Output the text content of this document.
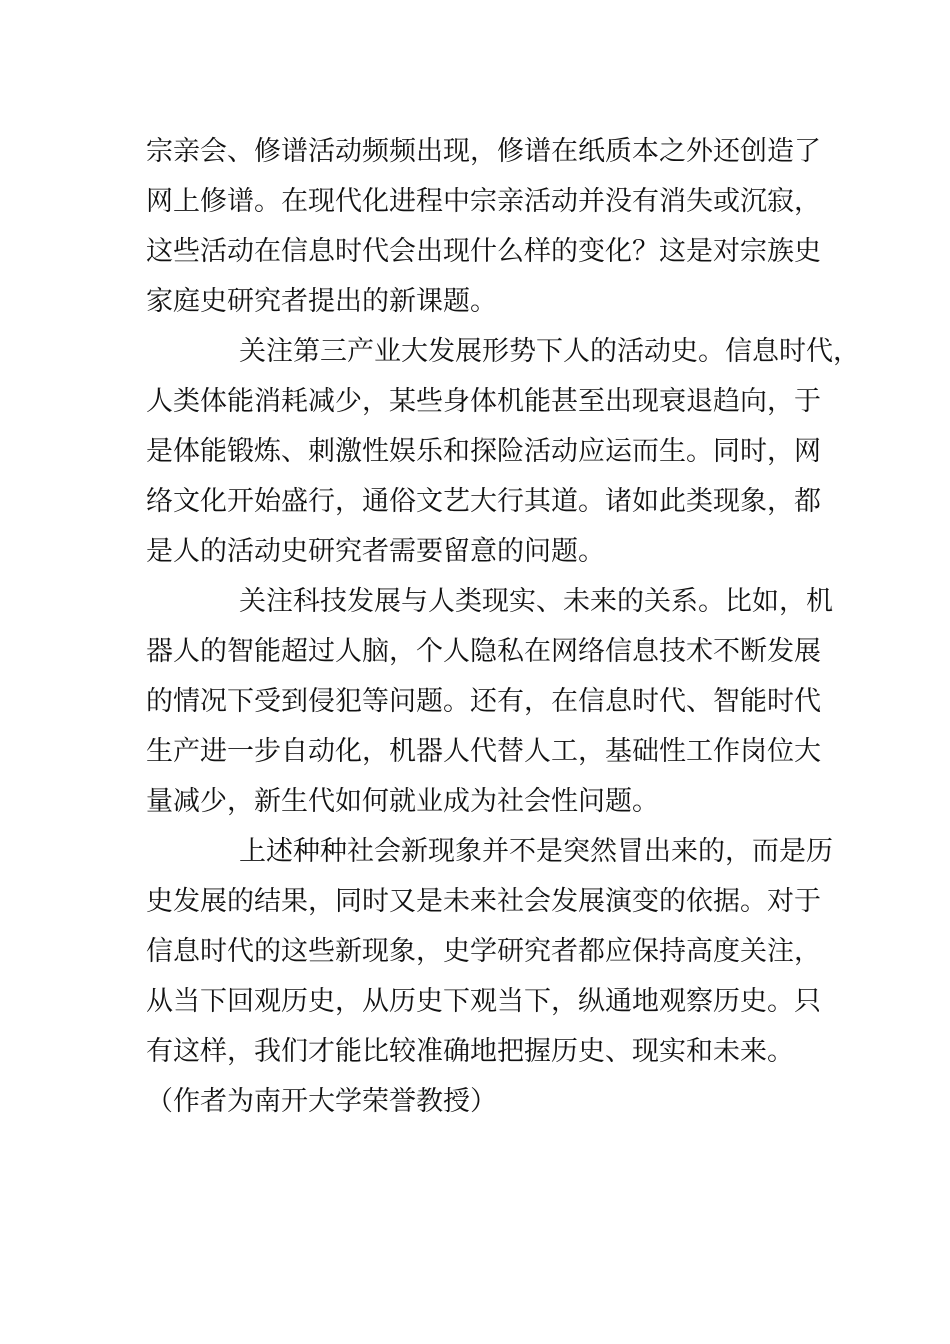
宗亲会、修谱活动频频出现，修谱在纸质本之外还创造了
网上修谱。在现代化进程中宗亲活动并没有消失或沉寂，
这些活动在信息时代会出现什么样的变化？这是对宗族史
家庭史研究者提出的新课题。
关注第三产业大发展形势下人的活动史。信息时代，
人类体能消耗减少，某些身体机能甚至出现衰退趋向，于
是体能锻炼、刺激性娱乐和探险活动应运而生。同时，网
络文化开始盛行，通俗文艺大行其道。诸如此类现象，都
是人的活动史研究者需要留意的问题。
关注科技发展与人类现实、未来的关系。比如，机
器人的智能超过人脑，个人隐私在网络信息技术不断发展
的情况下受到侵犯等问题。还有，在信息时代、智能时代
生产进一步自动化，机器人代替人工，基础性工作岗位大
量减少，新生代如何就业成为社会性问题。
上述种种社会新现象并不是突然冒出来的，而是历
史发展的结果，同时又是未来社会发展演变的依据。对于
信息时代的这些新现象，史学研究者都应保持高度关注，
从当下回观历史，从历史下观当下，纵通地观察历史。只
有这样，我们才能比较准确地把握历史、现实和未来。
（作者为南开大学荣誉教授）
